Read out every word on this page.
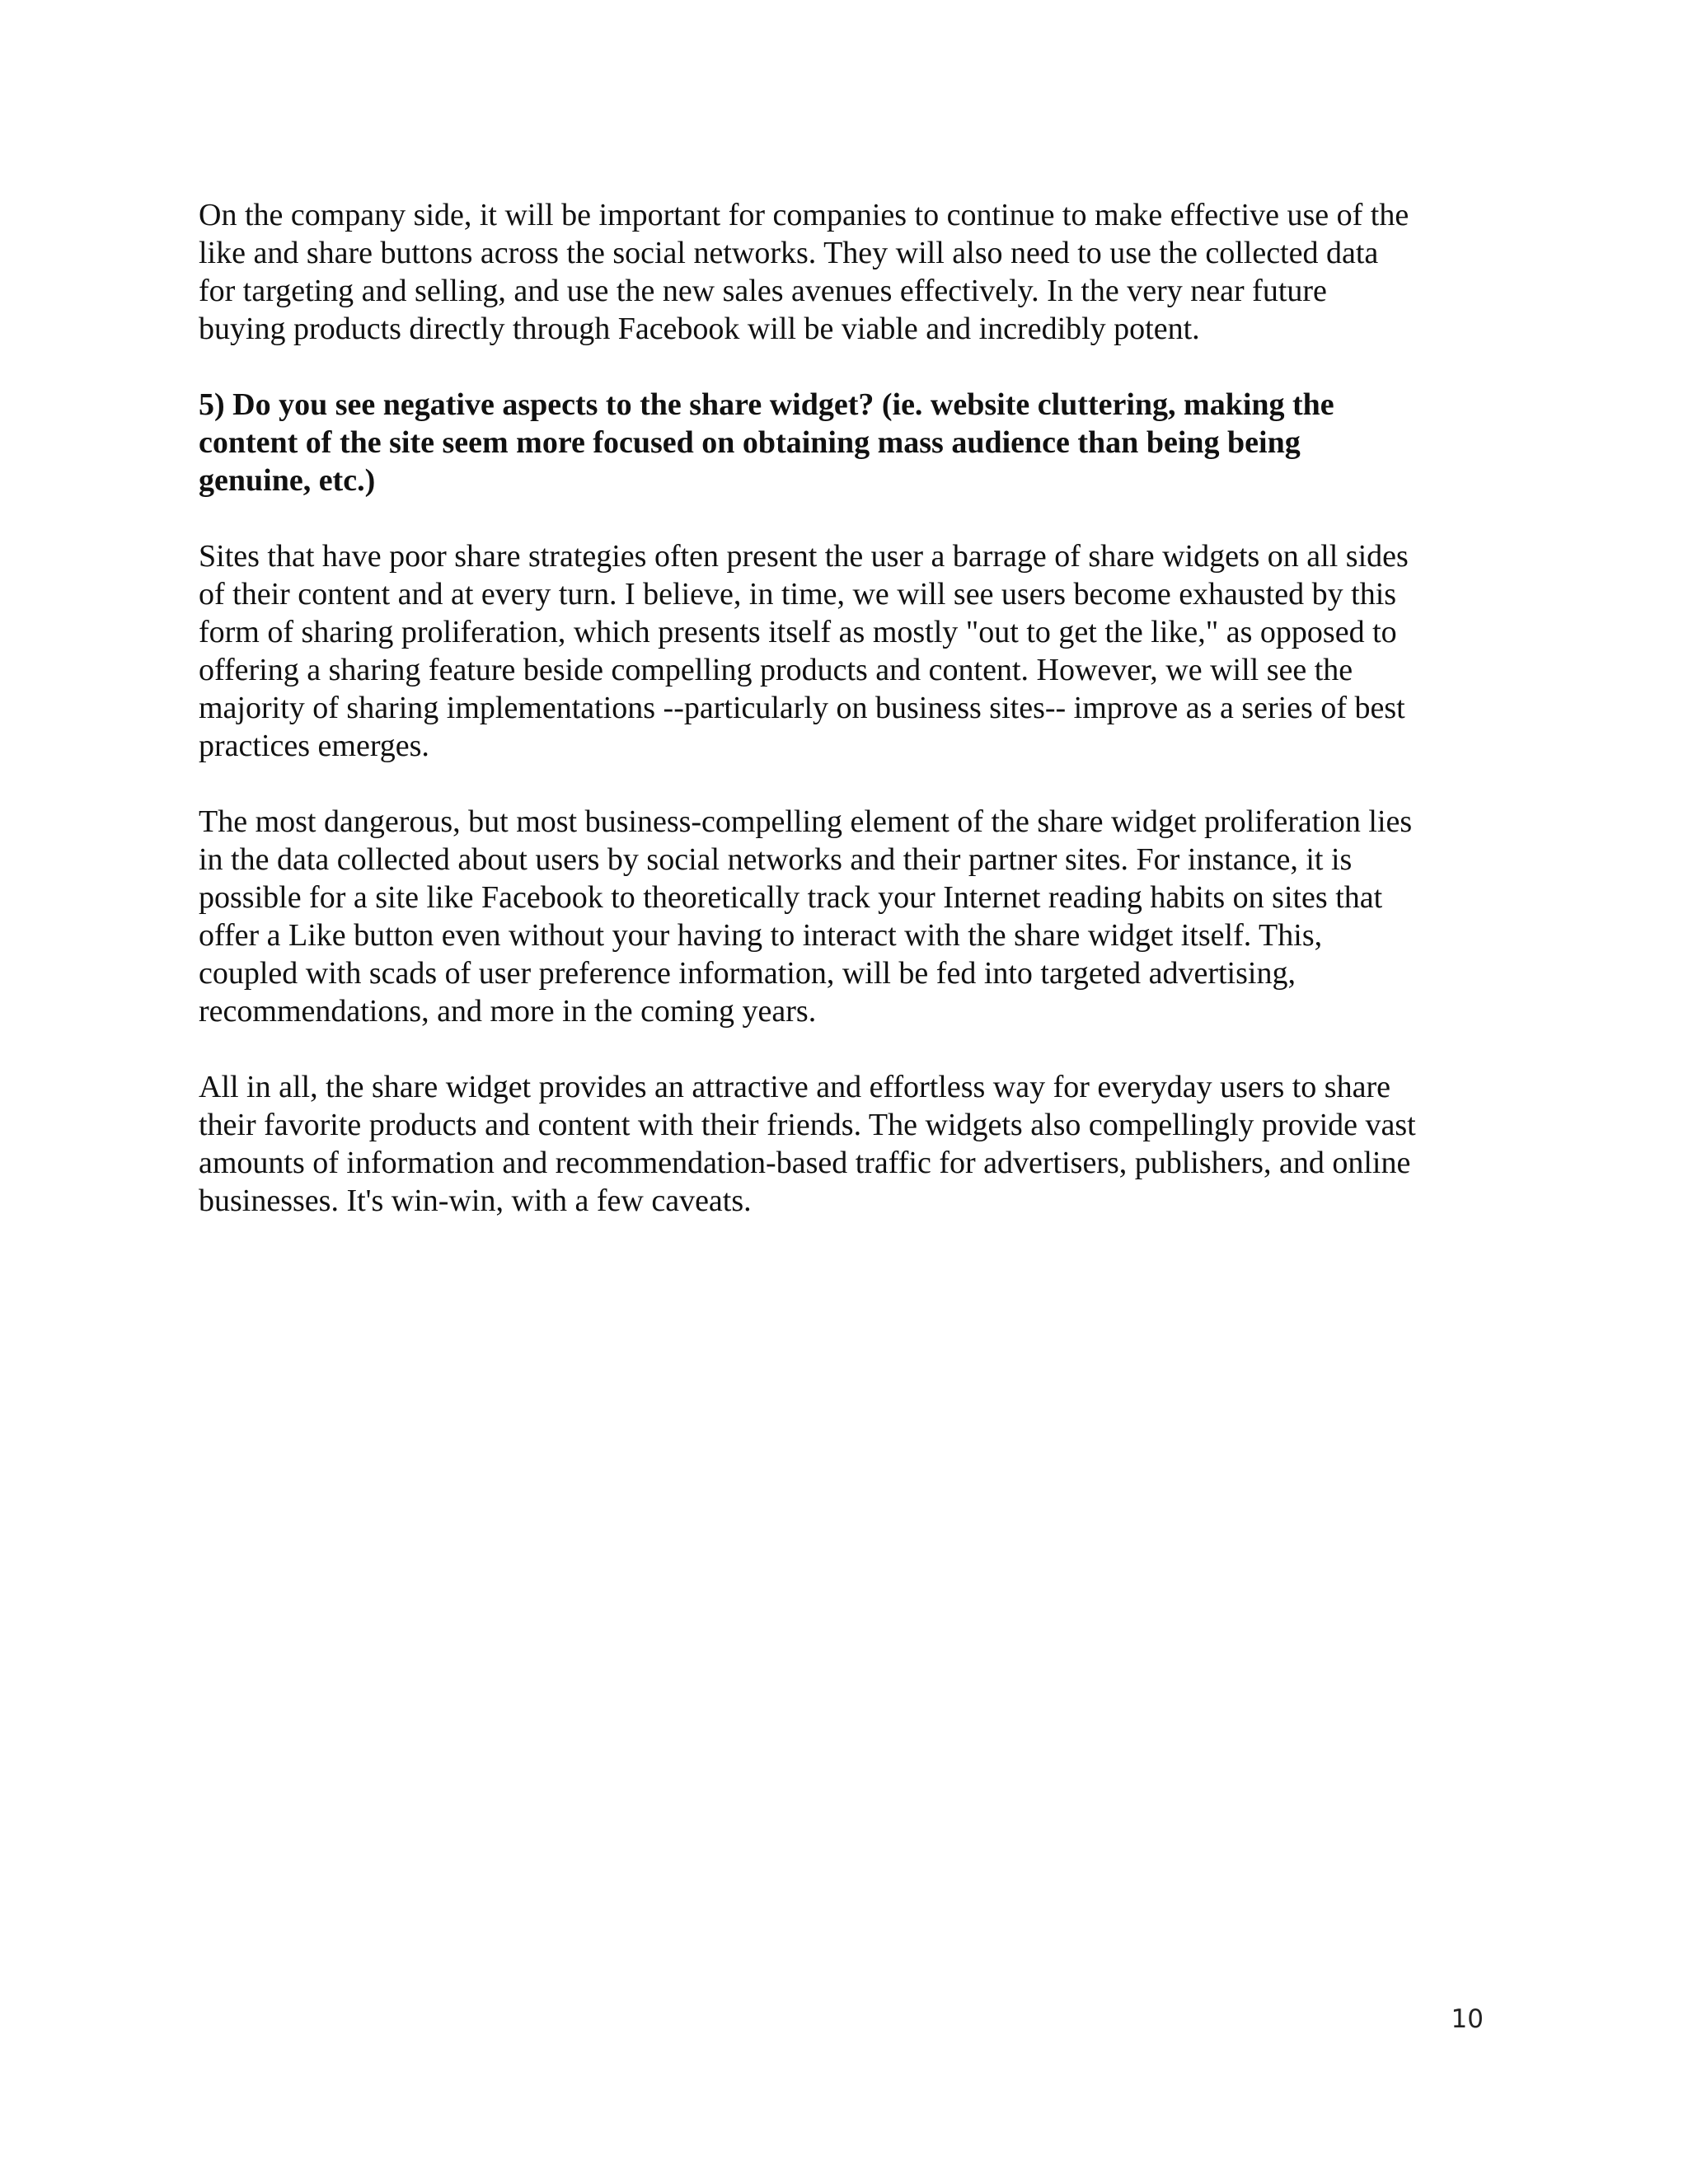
On the company side, it will be important for companies to continue to make effective use of the
like and share buttons across the social networks. They will also need to use the collected data
for targeting and selling, and use the new sales avenues effectively. In the very near future
buying products directly through Facebook will be viable and incredibly potent.

5) Do you see negative aspects to the share widget? (ie. website cluttering, making the
content of the site seem more focused on obtaining mass audience than being being
genuine, etc.)

Sites that have poor share strategies often present the user a barrage of share widgets on all sides
of their content and at every turn. I believe, in time, we will see users become exhausted by this
form of sharing proliferation, which presents itself as mostly "out to get the like," as opposed to
offering a sharing feature beside compelling products and content. However, we will see the
majority of sharing implementations --particularly on business sites-- improve as a series of best
practices emerges.

The most dangerous, but most business-compelling element of the share widget proliferation lies
in the data collected about users by social networks and their partner sites. For instance, it is
possible for a site like Facebook to theoretically track your Internet reading habits on sites that
offer a Like button even without your having to interact with the share widget itself. This,
coupled with scads of user preference information, will be fed into targeted advertising,
recommendations, and more in the coming years.

All in all, the share widget provides an attractive and effortless way for everyday users to share
their favorite products and content with their friends. The widgets also compellingly provide vast
amounts of information and recommendation-based traffic for advertisers, publishers, and online
businesses. It's win-win, with a few caveats.

10
